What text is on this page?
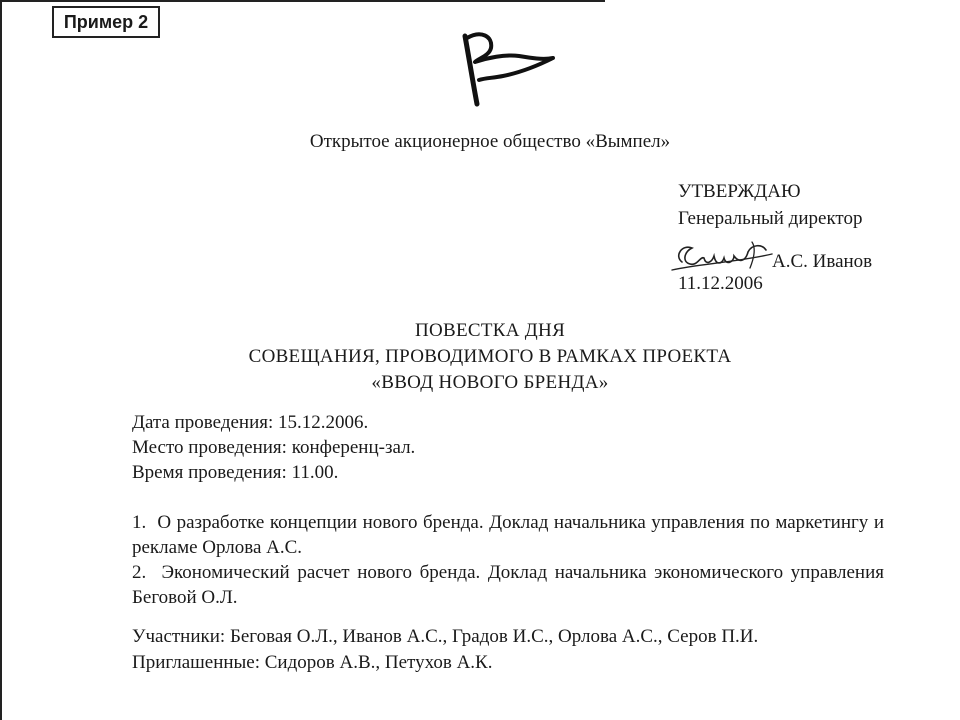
Пример 2
Открытое акционерное общество «Вымпел»
УТВЕРЖДАЮ
Генеральный директор
А.С. Иванов
11.12.2006
ПОВЕСТКА ДНЯ
СОВЕЩАНИЯ, ПРОВОДИМОГО В РАМКАХ ПРОЕКТА
«ВВОД НОВОГО БРЕНДА»
Дата проведения: 15.12.2006.
Место проведения: конференц-зал.
Время проведения: 11.00.
1. О разработке концепции нового бренда. Доклад начальника управления по маркетингу и рекламе Орлова А.С.
2. Экономический расчет нового бренда. Доклад начальника экономического управления Беговой О.Л.
Участники: Беговая О.Л., Иванов А.С., Градов И.С., Орлова А.С., Серов П.И.
Приглашенные: Сидоров А.В., Петухов А.К.
